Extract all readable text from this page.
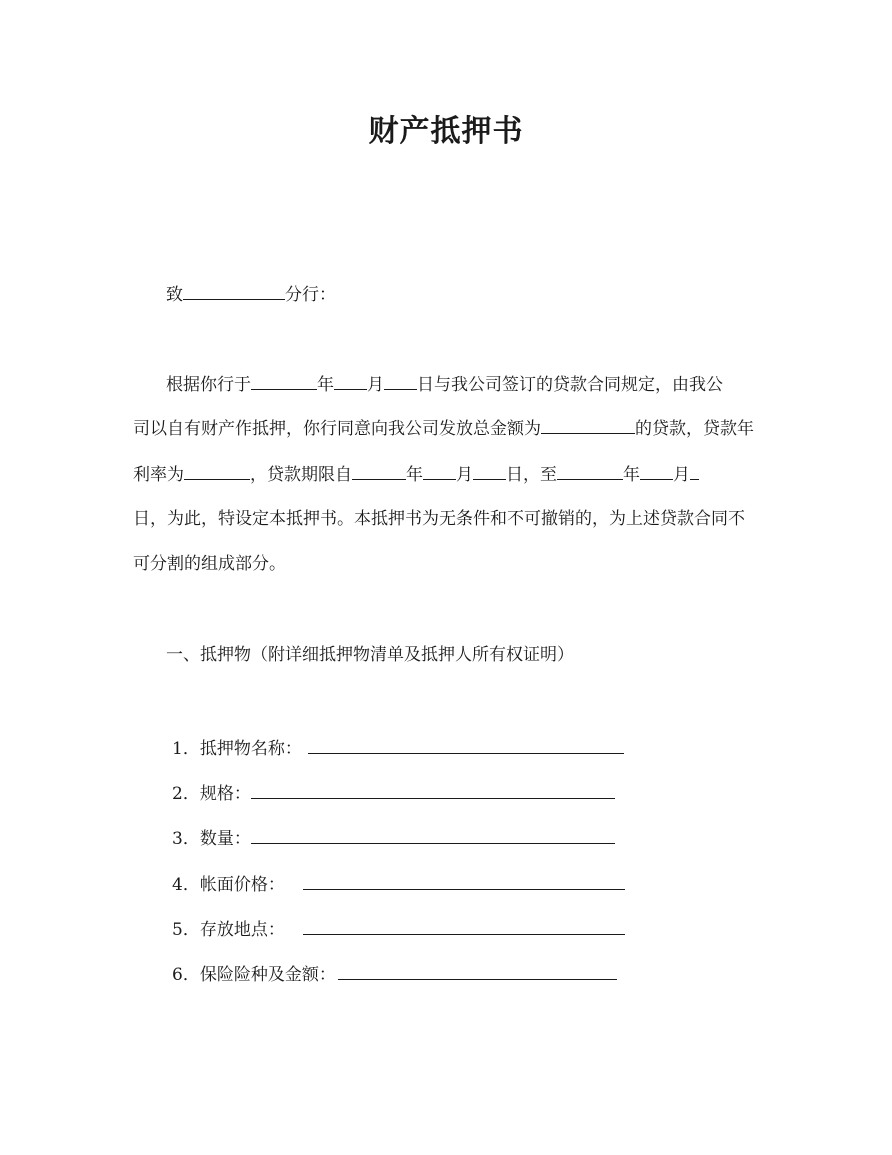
财产抵押书
致	分行：
根据你行于	年 月 日与我公司签订的贷款合同规定，由我公
司以自有财产作抵押，你行同意向我公司发放总金额为	的贷款，贷款年
利率为	，贷款期限自	年 月 日，至	年 月
日，为此，特设定本抵押书。本抵押书为无条件和不可撤销的，为上述贷款合同不
可分割的组成部分。
一、抵押物（附详细抵押物清单及抵押人所有权证明）
1．抵押物名称：
2．规格：
3．数量：
4．帐面价格：
5．存放地点：
6．保险险种及金额：
